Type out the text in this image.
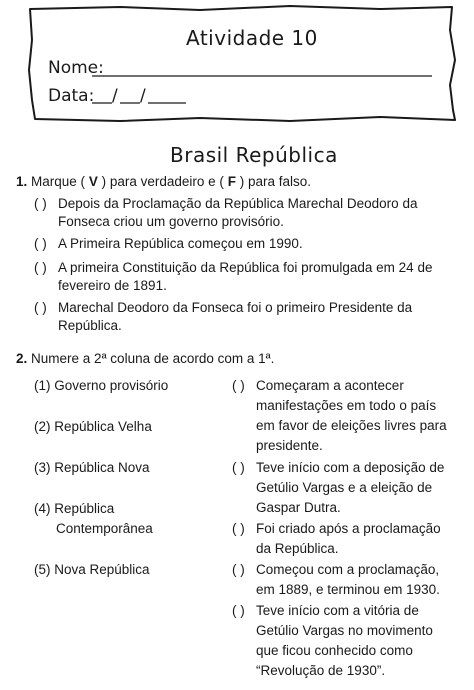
Atividade 10
Nome:
Data: / /
Brasil República
1. Marque ( V ) para verdadeiro e ( F ) para falso.
( ) Depois da Proclamação da República Marechal Deodoro da
Fonseca criou um governo provisório.
( ) A Primeira República começou em 1990.
( ) A primeira Constituição da República foi promulgada em 24 de
fevereiro de 1891.
( ) Marechal Deodoro da Fonseca foi o primeiro Presidente da
República.
2. Numere a 2ª coluna de acordo com a 1ª.
(1) Governo provisório
(2) República Velha
(3) República Nova
(4) República
Contemporânea
(5) Nova República
( ) Começaram a acontecer
manifestações em todo o país
em favor de eleições livres para
presidente.
( ) Teve início com a deposição de
Getúlio Vargas e a eleição de
Gaspar Dutra.
( ) Foi criado após a proclamação
da República.
( ) Começou com a proclamação,
em 1889, e terminou em 1930.
( ) Teve início com a vitória de
Getúlio Vargas no movimento
que ficou conhecido como
“Revolução de 1930”.
